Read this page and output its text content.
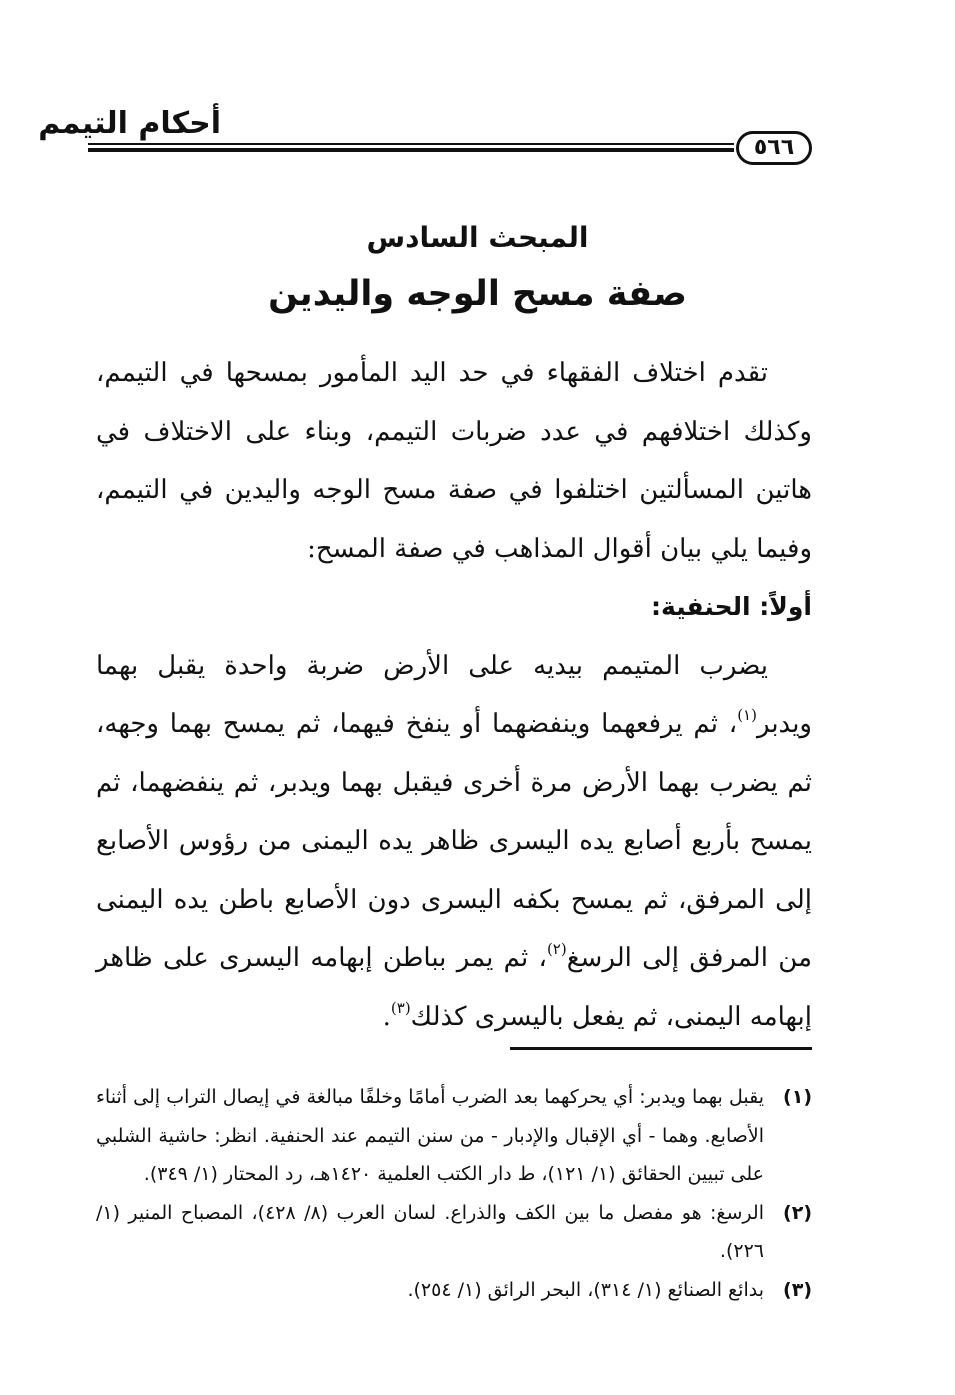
أحكام التيمم
٥٦٦
المبحث السادس
صفة مسح الوجه واليدين

تقدم اختلاف الفقهاء في حد اليد المأمور بمسحها في التيمم، وكذلك اختلافهم في عدد ضربات التيمم، وبناء على الاختلاف في هاتين المسألتين اختلفوا في صفة مسح الوجه واليدين في التيمم، وفيما يلي بيان أقوال المذاهب في صفة المسح:

أولاً: الحنفية:

يضرب المتيمم بيديه على الأرض ضربة واحدة يقبل بهما ويدبر$^{(١)}$، ثم يرفعهما وينفضهما أو ينفخ فيهما، ثم يمسح بهما وجهه، ثم يضرب بهما الأرض مرة أخرى فيقبل بهما ويدبر، ثم ينفضهما، ثم يمسح بأربع أصابع يده اليسرى ظاهر يده اليمنى من رؤوس الأصابع إلى المرفق، ثم يمسح بكفه اليسرى دون الأصابع باطن يده اليمنى من المرفق إلى الرسغ$^{(٢)}$، ثم يمر بباطن إبهامه اليسرى على ظاهر إبهامه اليمنى، ثم يفعل باليسرى كذلك$^{(٣)}$.

(١)
يقبل بهما ويدبر: أي يحركهما بعد الضرب أمامًا وخلفًا مبالغة في إيصال التراب إلى أثناء الأصابع. وهما - أي الإقبال والإدبار - من سنن التيمم عند الحنفية. انظر: حاشية الشلبي على تبيين الحقائق (١/ ١٢١)، ط دار الكتب العلمية ١٤٢٠هـ، رد المحتار (١/ ٣٤٩).
(٢)
الرسغ: هو مفصل ما بين الكف والذراع. لسان العرب (٨/ ٤٢٨)، المصباح المنير (١/ ٢٢٦).
(٣)
بدائع الصنائع (١/ ٣١٤)، البحر الرائق (١/ ٢٥٤).
